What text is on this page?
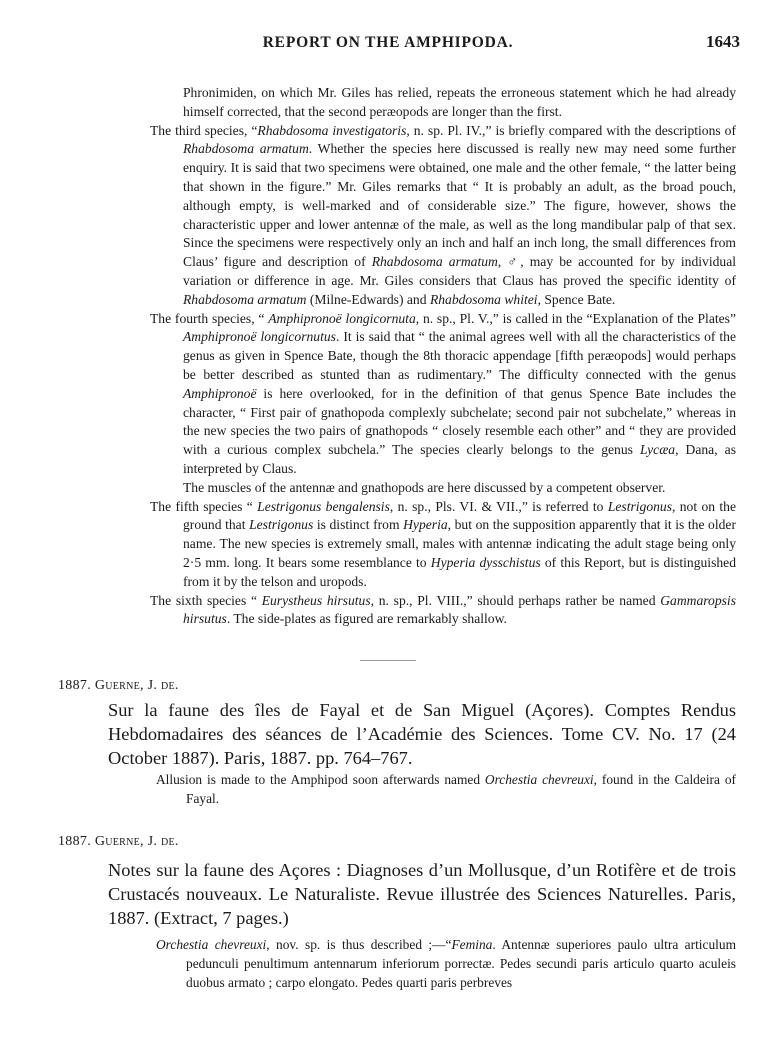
REPORT ON THE AMPHIPODA.	1643

Phronimiden, on which Mr. Giles has relied, repeats the erroneous statement which he had already himself corrected, that the second peræopods are longer than the first.

The third species, “Rhabdosoma investigatoris, n. sp. Pl. IV.,” is briefly compared with the descriptions of Rhabdosoma armatum. Whether the species here discussed is really new may need some further enquiry. It is said that two specimens were obtained, one male and the other female, “ the latter being that shown in the figure.” Mr. Giles remarks that “ It is probably an adult, as the broad pouch, although empty, is well-marked and of considerable size.” The figure, however, shows the characteristic upper and lower antennæ of the male, as well as the long mandibular palp of that sex. Since the specimens were respectively only an inch and half an inch long, the small differences from Claus’ figure and description of Rhabdosoma armatum, ♂, may be accounted for by individual variation or difference in age. Mr. Giles considers that Claus has proved the specific identity of Rhabdosoma armatum (Milne-Edwards) and Rhabdosoma whitei, Spence Bate.

The fourth species, “ Amphipronoë longicornuta, n. sp., Pl. V.,” is called in the “Explanation of the Plates” Amphipronoë longicornutus. It is said that “ the animal agrees well with all the characteristics of the genus as given in Spence Bate, though the 8th thoracic appendage [fifth peræopods] would perhaps be better described as stunted than as rudimentary.” The difficulty connected with the genus Amphipronoë is here overlooked, for in the definition of that genus Spence Bate includes the character, “ First pair of gnathopoda complexly subchelate; second pair not subchelate,” whereas in the new species the two pairs of gnathopods “ closely resemble each other” and “ they are provided with a curious complex subchela.” The species clearly belongs to the genus Lycæa, Dana, as interpreted by Claus.

The muscles of the antennæ and gnathopods are here discussed by a competent observer.

The fifth species “ Lestrigonus bengalensis, n. sp., Pls. VI. & VII.,” is referred to Lestrigonus, not on the ground that Lestrigonus is distinct from Hyperia, but on the supposition apparently that it is the older name. The new species is extremely small, males with antennæ indicating the adult stage being only 2·5 mm. long. It bears some resemblance to Hyperia dysschistus of this Report, but is distinguished from it by the telson and uropods.

The sixth species “ Eurystheus hirsutus, n. sp., Pl. VIII.,” should perhaps rather be named Gammaropsis hirsutus. The side-plates as figured are remarkably shallow.

1887. Guerne, J. de.
Sur la faune des îles de Fayal et de San Miguel (Açores). Comptes Rendus Hebdomadaires des séances de l’Académie des Sciences. Tome CV. No. 17 (24 October 1887). Paris, 1887. pp. 764–767.

Allusion is made to the Amphipod soon afterwards named Orchestia chevreuxi, found in the Caldeira of Fayal.

1887. Guerne, J. de.
Notes sur la faune des Açores : Diagnoses d’un Mollusque, d’un Rotifère et de trois Crustacés nouveaux. Le Naturaliste. Revue illustrée des Sciences Naturelles. Paris, 1887. (Extract, 7 pages.)

Orchestia chevreuxi, nov. sp. is thus described ;—“Femina. Antennæ superiores paulo ultra articulum pedunculi penultimum antennarum inferiorum porrectæ. Pedes secundi paris articulo quarto aculeis duobus armato ; carpo elongato. Pedes quarti paris perbreves
